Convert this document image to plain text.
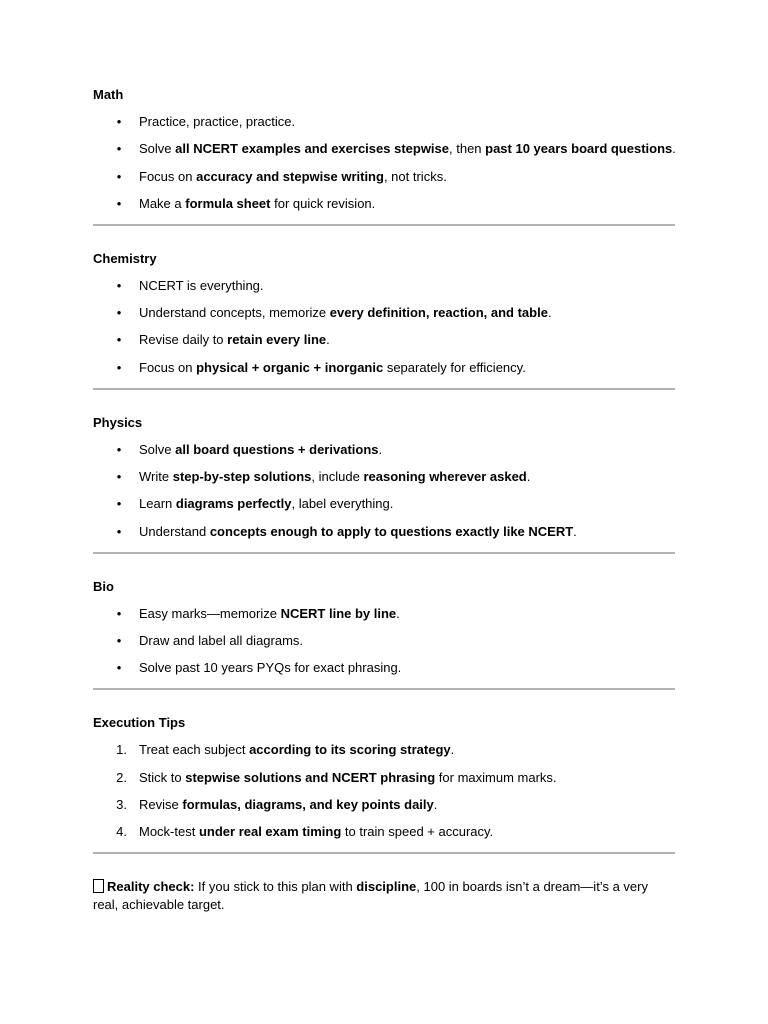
Math
• Practice, practice, practice.
• Solve all NCERT examples and exercises stepwise, then past 10 years board questions.
• Focus on accuracy and stepwise writing, not tricks.
• Make a formula sheet for quick revision.
Chemistry
• NCERT is everything.
• Understand concepts, memorize every definition, reaction, and table.
• Revise daily to retain every line.
• Focus on physical + organic + inorganic separately for efficiency.
Physics
• Solve all board questions + derivations.
• Write step-by-step solutions, include reasoning wherever asked.
• Learn diagrams perfectly, label everything.
• Understand concepts enough to apply to questions exactly like NCERT.
Bio
• Easy marks—memorize NCERT line by line.
• Draw and label all diagrams.
• Solve past 10 years PYQs for exact phrasing.
Execution Tips
1. Treat each subject according to its scoring strategy.
2. Stick to stepwise solutions and NCERT phrasing for maximum marks.
3. Revise formulas, diagrams, and key points daily.
4. Mock-test under real exam timing to train speed + accuracy.
Reality check: If you stick to this plan with discipline, 100 in boards isn’t a dream—it’s a very real, achievable target.
